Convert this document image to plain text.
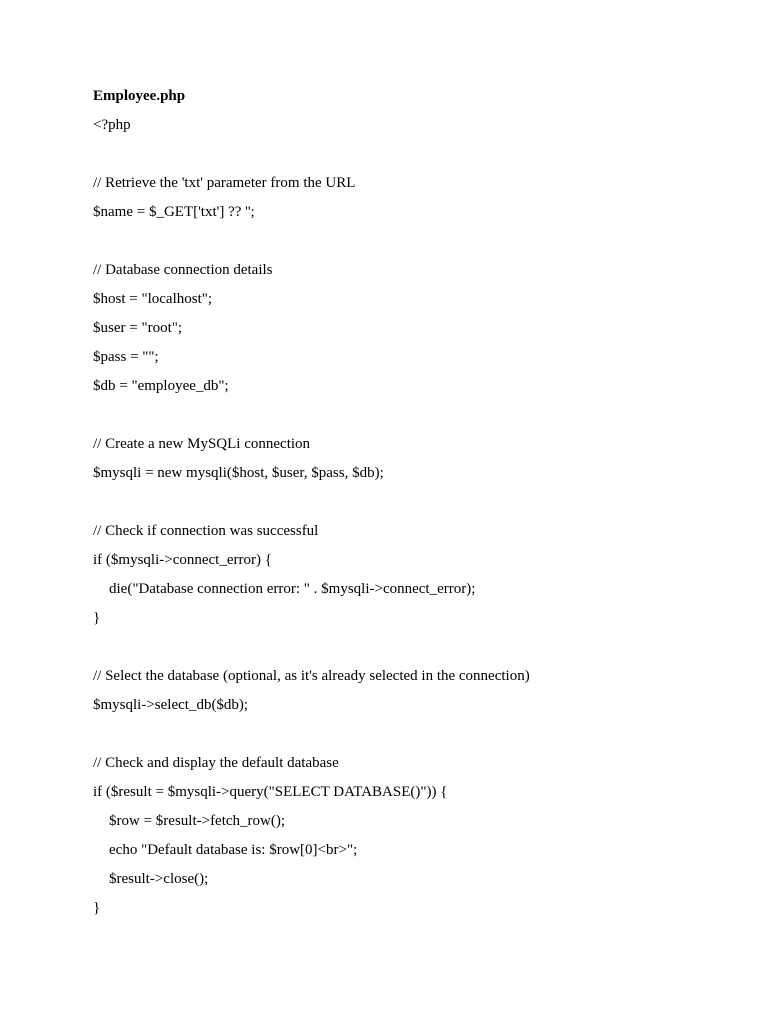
Employee.php
<?php
// Retrieve the 'txt' parameter from the URL
$name = $_GET['txt'] ?? '';
// Database connection details
$host = "localhost";
$user = "root";
$pass = "";
$db = "employee_db";
// Create a new MySQLi connection
$mysqli = new mysqli($host, $user, $pass, $db);
// Check if connection was successful
if ($mysqli->connect_error) {
die("Database connection error: " . $mysqli->connect_error);
}
// Select the database (optional, as it's already selected in the connection)
$mysqli->select_db($db);
// Check and display the default database
if ($result = $mysqli->query("SELECT DATABASE()")) {
$row = $result->fetch_row();
echo "Default database is: $row[0]<br>";
$result->close();
}
